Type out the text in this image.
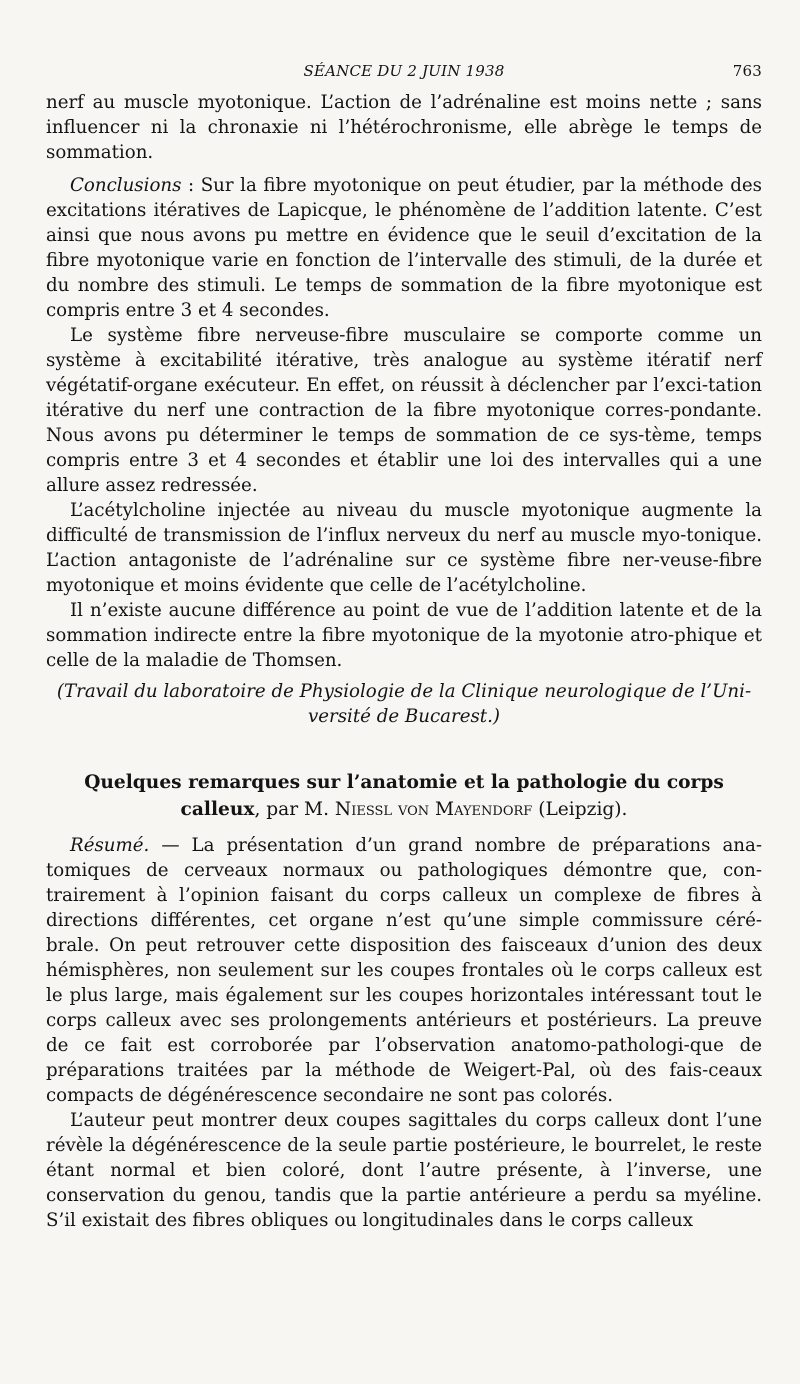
SÉANCE DU 2 JUIN 1938	763

nerf au muscle myotonique. L’action de l’adrénaline est moins nette ; sans influencer ni la chronaxie ni l’hétérochronisme, elle abrège le temps de sommation.

Conclusions : Sur la fibre myotonique on peut étudier, par la méthode des excitations itératives de Lapicque, le phénomène de l’addition latente. C’est ainsi que nous avons pu mettre en évidence que le seuil d’excitation de la fibre myotonique varie en fonction de l’intervalle des stimuli, de la durée et du nombre des stimuli. Le temps de sommation de la fibre myotonique est compris entre 3 et 4 secondes.

Le système fibre nerveuse-fibre musculaire se comporte comme un système à excitabilité itérative, très analogue au système itératif nerf végétatif-organe exécuteur. En effet, on réussit à déclencher par l’exci-tation itérative du nerf une contraction de la fibre myotonique corres-pondante. Nous avons pu déterminer le temps de sommation de ce sys-tème, temps compris entre 3 et 4 secondes et établir une loi des intervalles qui a une allure assez redressée.

L’acétylcholine injectée au niveau du muscle myotonique augmente la difficulté de transmission de l’influx nerveux du nerf au muscle myo-tonique. L’action antagoniste de l’adrénaline sur ce système fibre ner-veuse-fibre myotonique et moins évidente que celle de l’acétylcholine.

Il n’existe aucune différence au point de vue de l’addition latente et de la sommation indirecte entre la fibre myotonique de la myotonie atro-phique et celle de la maladie de Thomsen.

(Travail du laboratoire de Physiologie de la Clinique neurologique de l’Uni-
versité de Bucarest.)
Quelques remarques sur l’anatomie et la pathologie du corps
calleux, par M. Niessl von Mayendorf (Leipzig).

Résumé. — La présentation d’un grand nombre de préparations ana-tomiques de cerveaux normaux ou pathologiques démontre que, con-trairement à l’opinion faisant du corps calleux un complexe de fibres à directions différentes, cet organe n’est qu’une simple commissure céré-brale. On peut retrouver cette disposition des faisceaux d’union des deux hémisphères, non seulement sur les coupes frontales où le corps calleux est le plus large, mais également sur les coupes horizontales intéressant tout le corps calleux avec ses prolongements antérieurs et postérieurs. La preuve de ce fait est corroborée par l’observation anatomo-pathologi-que de préparations traitées par la méthode de Weigert-Pal, où des fais-ceaux compacts de dégénérescence secondaire ne sont pas colorés.

L’auteur peut montrer deux coupes sagittales du corps calleux dont l’une révèle la dégénérescence de la seule partie postérieure, le bourrelet, le reste étant normal et bien coloré, dont l’autre présente, à l’inverse, une conservation du genou, tandis que la partie antérieure a perdu sa myéline. S’il existait des fibres obliques ou longitudinales dans le corps calleux
